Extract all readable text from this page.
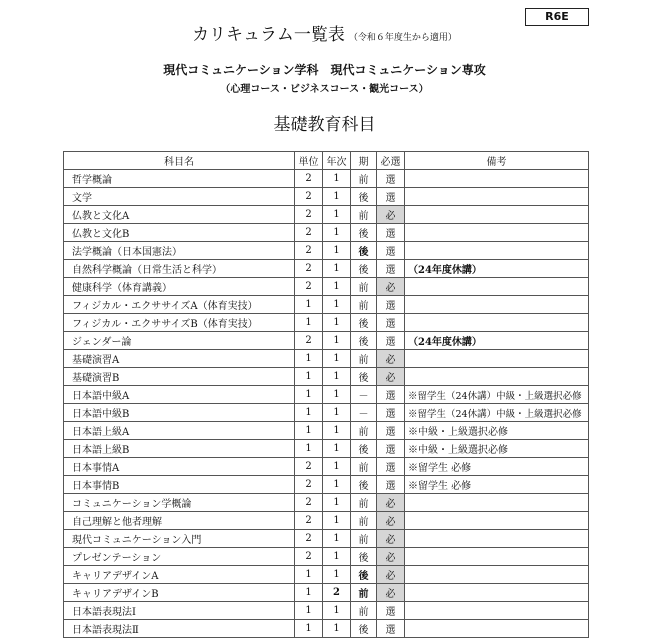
R6E
カリキュラム一覧表 （令和６年度生から適用）
現代コミュニケーション学科　現代コミュニケーション専攻
（心理コース・ビジネスコース・観光コース）
基礎教育科目
科目名	単位	年次	期	必選	備考
哲学概論	2	1	前	選	
文学	2	1	後	選	
仏教と文化A	2	1	前	必	
仏教と文化B	2	1	後	選	
法学概論（日本国憲法）	2	1	後	選	
自然科学概論（日常生活と科学）	2	1	後	選	（24年度休講）
健康科学（体育講義）	2	1	前	必	
フィジカル・エクササイズA（体育実技）	1	1	前	選	
フィジカル・エクササイズB（体育実技）	1	1	後	選	
ジェンダー論	2	1	後	選	（24年度休講）
基礎演習A	1	1	前	必	
基礎演習B	1	1	後	必	
日本語中級A	1	1	－	選	※留学生（24休講）中級・上級選択必修
日本語中級B	1	1	－	選	※留学生（24休講）中級・上級選択必修
日本語上級A	1	1	前	選	※中級・上級選択必修
日本語上級B	1	1	後	選	※中級・上級選択必修
日本事情A	2	1	前	選	※留学生 必修
日本事情B	2	1	後	選	※留学生 必修
コミュニケーション学概論	2	1	前	必	
自己理解と他者理解	2	1	前	必	
現代コミュニケーション入門	2	1	前	必	
プレゼンテーション	2	1	後	必	
キャリアデザインA	1	1	後	必	
キャリアデザインB	1	2	前	必	
日本語表現法Ⅰ	1	1	前	選	
日本語表現法Ⅱ	1	1	後	選	
